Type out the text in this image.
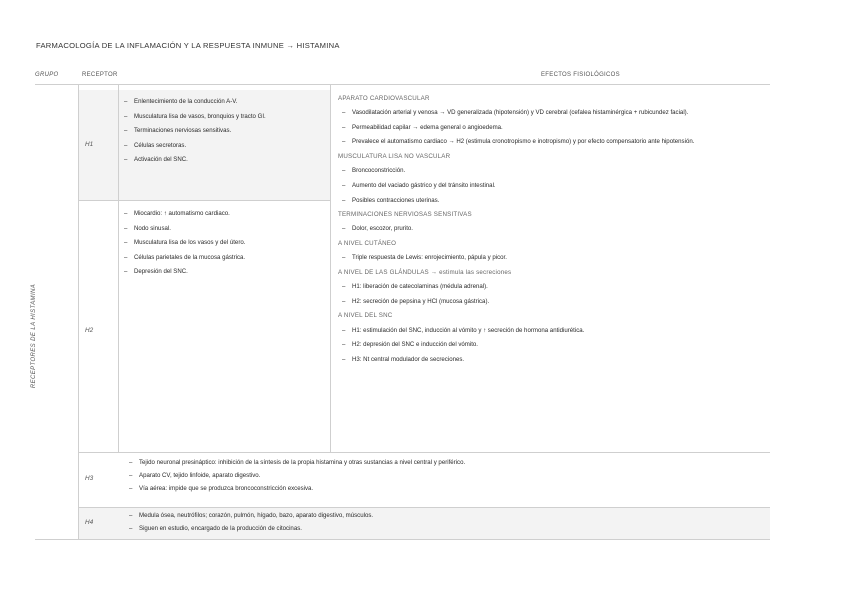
FARMACOLOGÍA DE LA INFLAMACIÓN Y LA RESPUESTA INMUNE → HISTAMINA
GRUPO	RECEPTOR	EFECTOS FISIOLÓGICOS
RECEPTORES DE LA HISTAMINA
H1
H2
H3
H4
– Enlentecimiento de la conducción A-V.
– Musculatura lisa de vasos, bronquios y tracto GI.
– Terminaciones nerviosas sensitivas.
– Células secretoras.
– Activación del SNC.
– Miocardio: ↑ automatismo cardiaco.
– Nodo sinusal.
– Musculatura lisa de los vasos y del útero.
– Células parietales de la mucosa gástrica.
– Depresión del SNC.
APARATO CARDIOVASCULAR
– Vasodilatación arterial y venosa → VD generalizada (hipotensión) y VD cerebral (cefalea histaminérgica + rubicundez facial).
– Permeabilidad capilar → edema general o angioedema.
– Prevalece el automatismo cardiaco → H2 (estimula cronotropismo e inotropismo) y por efecto compensatorio ante hipotensión.
MUSCULATURA LISA NO VASCULAR
– Broncoconstricción.
– Aumento del vaciado gástrico y del tránsito intestinal.
– Posibles contracciones uterinas.
TERMINACIONES NERVIOSAS SENSITIVAS
– Dolor, escozor, prurito.
A NIVEL CUTÁNEO
– Triple respuesta de Lewis: enrojecimiento, pápula y picor.
A NIVEL DE LAS GLÁNDULAS → estimula las secreciones
– H1: liberación de catecolaminas (médula adrenal).
– H2: secreción de pepsina y HCl (mucosa gástrica).
A NIVEL DEL SNC
– H1: estimulación del SNC, inducción al vómito y ↑ secreción de hormona antidiurética.
– H2: depresión del SNC e inducción del vómito.
– H3: Nt central modulador de secreciones.
– Tejido neuronal presináptico: inhibición de la síntesis de la propia histamina y otras sustancias a nivel central y periférico.
– Aparato CV, tejido linfoide, aparato digestivo.
– Vía aérea: impide que se produzca broncoconstricción excesiva.
– Medula ósea, neutrófilos; corazón, pulmón, hígado, bazo, aparato digestivo, músculos.
– Siguen en estudio, encargado de la producción de citocinas.
